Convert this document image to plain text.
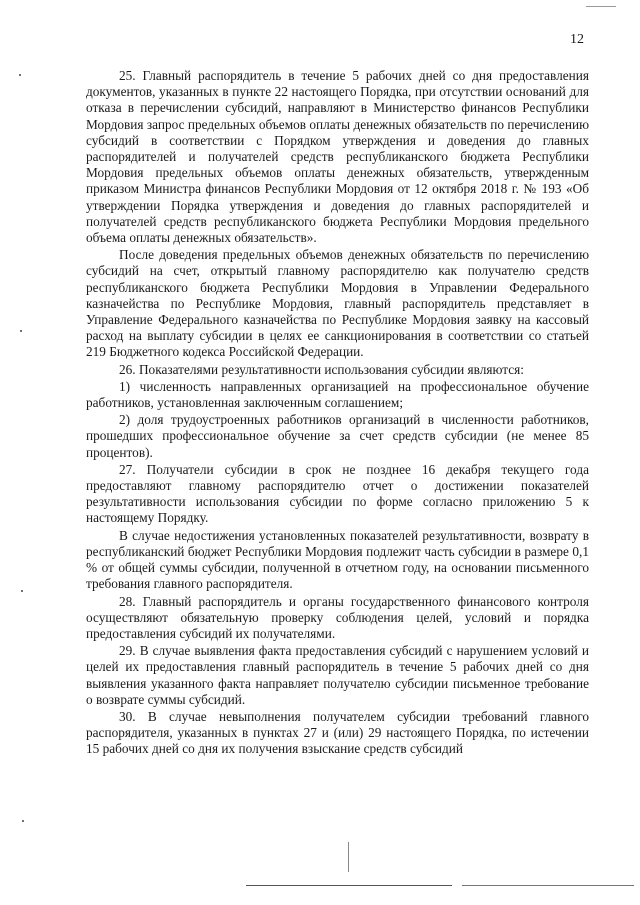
12

25. Главный распорядитель в течение 5 рабочих дней со дня предоставления документов, указанных в пункте 22 настоящего Порядка, при отсутствии оснований для отказа в перечислении субсидий, направляют в Министерство финансов Республики Мордовия запрос предельных объемов оплаты денежных обязательств по перечислению субсидий в соответствии с Порядком утверждения и доведения до главных распорядителей и получателей средств республиканского бюджета Республики Мордовия предельных объемов оплаты денежных обязательств, утвержденным приказом Министра финансов Республики Мордовия от 12 октября 2018 г. № 193 «Об утверждении Порядка утверждения и доведения до главных распорядителей и получателей средств республиканского бюджета Республики Мордовия предельного объема оплаты денежных обязательств».

После доведения предельных объемов денежных обязательств по перечислению субсидий на счет, открытый главному распорядителю как получателю средств республиканского бюджета Республики Мордовия в Управлении Федерального казначейства по Республике Мордовия, главный распорядитель представляет в Управление Федерального казначейства по Республике Мордовия заявку на кассовый расход на выплату субсидии в целях ее санкционирования в соответствии со статьей 219 Бюджетного кодекса Российской Федерации.

26. Показателями результативности использования субсидии являются:

1) численность направленных организацией на профессиональное обучение работников, установленная заключенным соглашением;

2) доля трудоустроенных работников организаций в численности работников, прошедших профессиональное обучение за счет средств субсидии (не менее 85 процентов).

27. Получатели субсидии в срок не позднее 16 декабря текущего года предоставляют главному распорядителю отчет о достижении показателей результативности использования субсидии по форме согласно приложению 5 к настоящему Порядку.

В случае недостижения установленных показателей результативности, возврату в республиканский бюджет Республики Мордовия подлежит часть субсидии в размере 0,1 % от общей суммы субсидии, полученной в отчетном году, на основании письменного требования главного распорядителя.

28. Главный распорядитель и органы государственного финансового контроля осуществляют обязательную проверку соблюдения целей, условий и порядка предоставления субсидий их получателями.

29. В случае выявления факта предоставления субсидий с нарушением условий и целей их предоставления главный распорядитель в течение 5 рабочих дней со дня выявления указанного факта направляет получателю субсидии письменное требование о возврате суммы субсидий.

30. В случае невыполнения получателем субсидии требований главного распорядителя, указанных в пунктах 27 и (или) 29 настоящего Порядка, по истечении 15 рабочих дней со дня их получения взыскание средств субсидий
